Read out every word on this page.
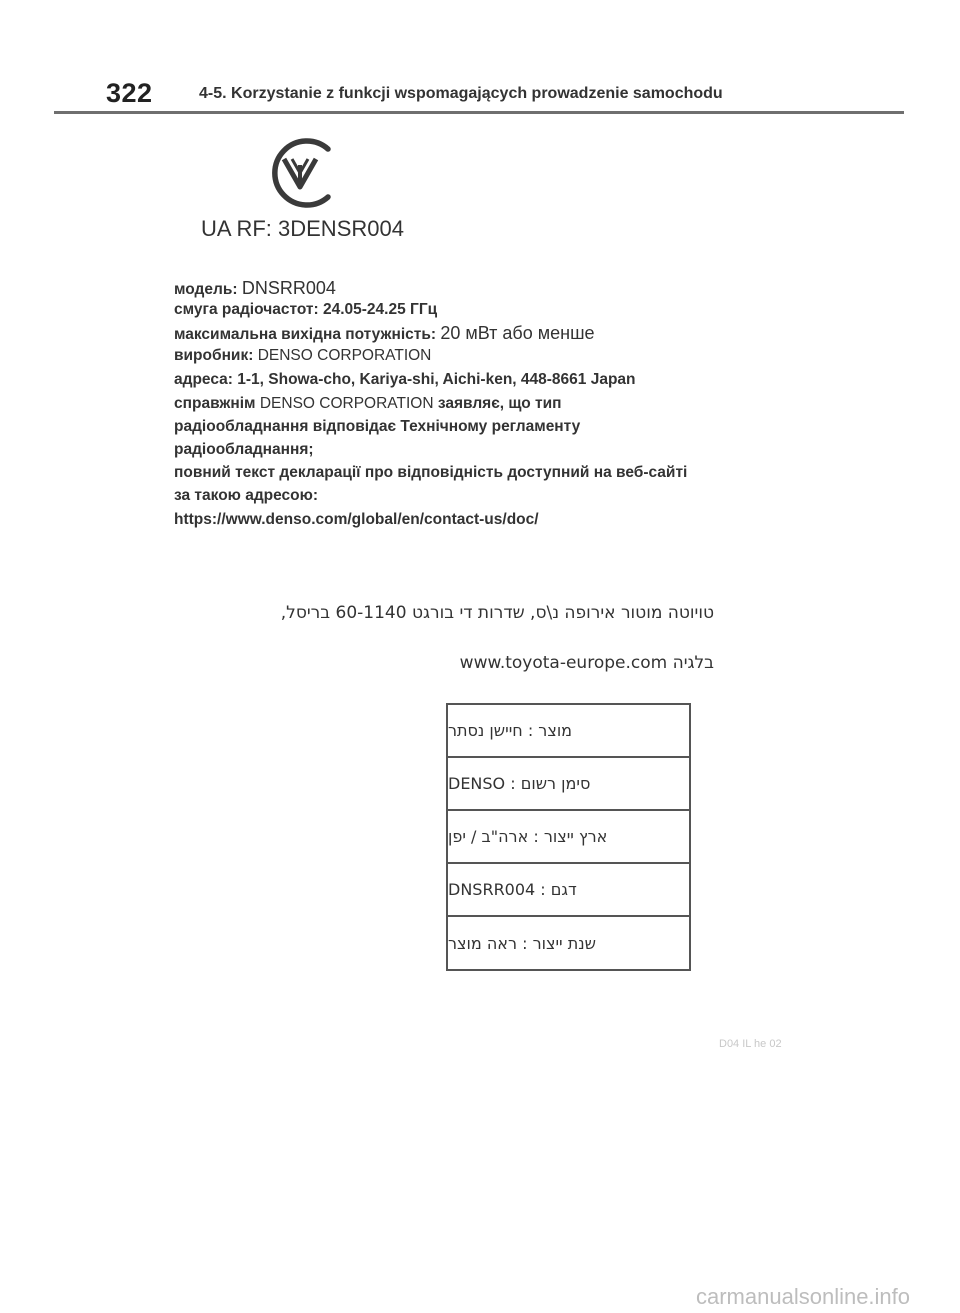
322	4-5. Korzystanie z funkcji wspomagających prowadzenie samochodu
UA RF: 3DENSR004
модель: DNSRR004
смуга радіочастот: 24.05-24.25 ГГц
максимальна вихідна потужність: 20 мВт або менше
виробник: DENSO CORPORATION
адреса: 1-1, Showa-cho, Kariya-shi, Aichi-ken, 448-8661 Japan
справжнім DENSO CORPORATION заявляє, що тип
радіообладнання відповідає Технічному регламенту
радіообладнання;
повний текст декларації про відповідність доступний на веб-сайті
за такою адресою:
https://www.denso.com/global/en/contact-us/doc/
טויוטה מוטור אירופה נ\ס, שדרות די בורגט 60-1140 בריסל,
בלגיה www.toyota-europe.com
מוצר : חיישן נסתר
סימן רשום : DENSO
ארץ ייצור : ארה"ב / יפן
דגם : DNSRR004
שנת ייצור : ראה מוצר
D04 IL he 02
carmanualsonline.info
